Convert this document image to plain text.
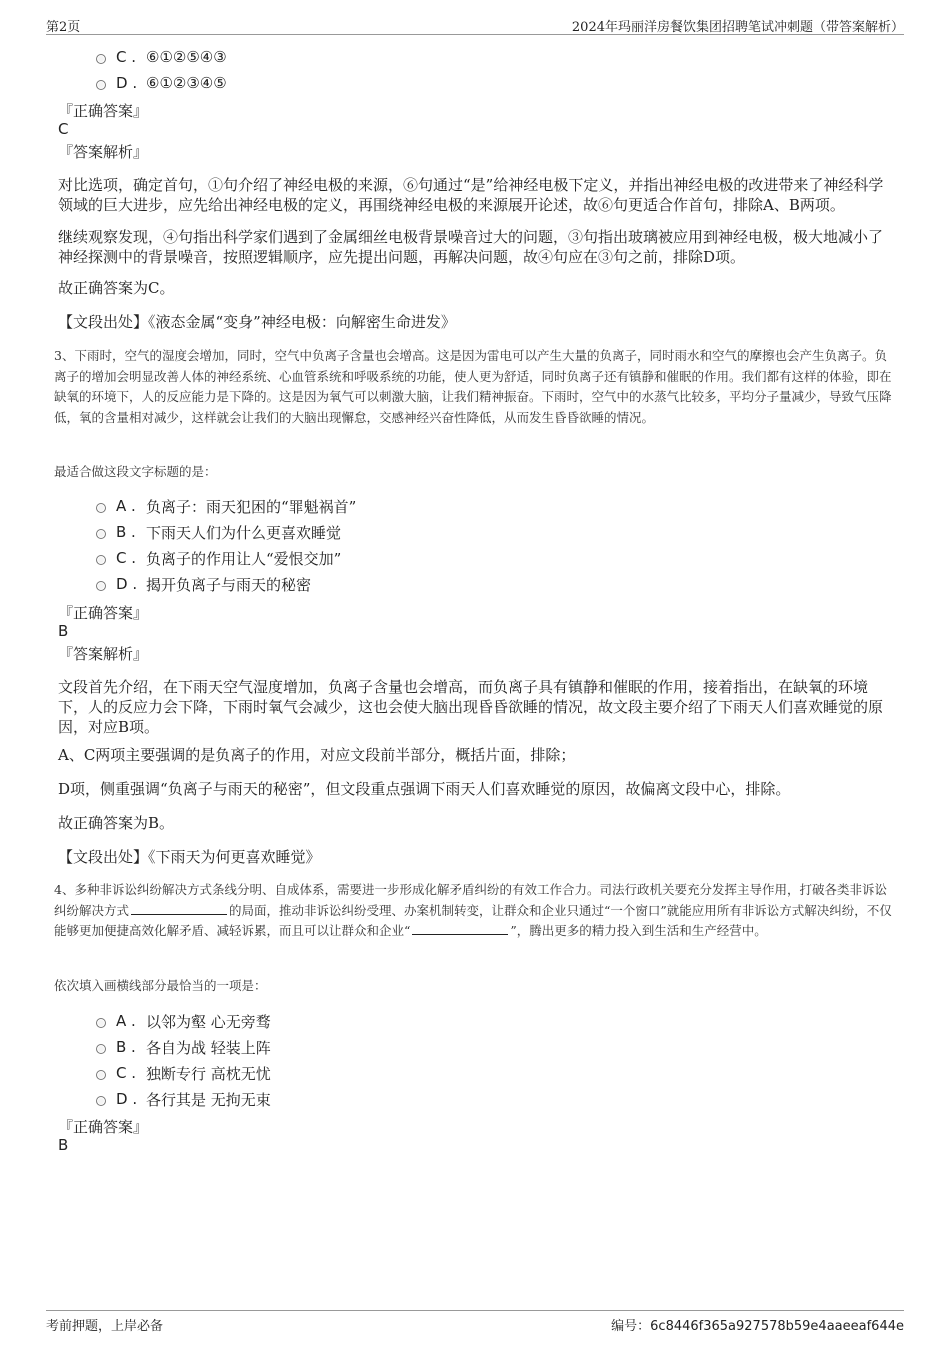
第2页	2024年玛丽洋房餐饮集团招聘笔试冲刺题（带答案解析）
C . ⑥①②⑤④③
D . ⑥①②③④⑤
『正确答案』
C
『答案解析』
对比选项，确定首句，①句介绍了神经电极的来源，⑥句通过“是”给神经电极下定义，并指出神经电极的改进带来了神经科学领域的巨大进步，应先给出神经电极的定义，再围绕神经电极的来源展开论述，故⑥句更适合作首句，排除A、B两项。
继续观察发现，④句指出科学家们遇到了金属细丝电极背景噪音过大的问题，③句指出玻璃被应用到神经电极，极大地减小了神经探测中的背景噪音，按照逻辑顺序，应先提出问题，再解决问题，故④句应在③句之前，排除D项。
故正确答案为C。
【文段出处】《液态金属“变身”神经电极：向解密生命进发》
3、下雨时，空气的湿度会增加，同时，空气中负离子含量也会增高。这是因为雷电可以产生大量的负离子，同时雨水和空气的摩擦也会产生负离子。负离子的增加会明显改善人体的神经系统、心血管系统和呼吸系统的功能，使人更为舒适，同时负离子还有镇静和催眠的作用。我们都有这样的体验，即在缺氧的环境下，人的反应能力是下降的。这是因为氧气可以刺激大脑，让我们精神振奋。下雨时，空气中的水蒸气比较多，平均分子量减少，导致气压降低，氧的含量相对减少，这样就会让我们的大脑出现懈怠，交感神经兴奋性降低，从而发生昏昏欲睡的情况。
最适合做这段文字标题的是：
A . 负离子：雨天犯困的“罪魁祸首”
B . 下雨天人们为什么更喜欢睡觉
C . 负离子的作用让人“爱恨交加”
D . 揭开负离子与雨天的秘密
『正确答案』
B
『答案解析』
文段首先介绍，在下雨天空气湿度增加，负离子含量也会增高，而负离子具有镇静和催眠的作用，接着指出，在缺氧的环境下，人的反应力会下降，下雨时氧气会减少，这也会使大脑出现昏昏欲睡的情况，故文段主要介绍了下雨天人们喜欢睡觉的原因，对应B项。
A、C两项主要强调的是负离子的作用，对应文段前半部分，概括片面，排除；
D项，侧重强调“负离子与雨天的秘密”，但文段重点强调下雨天人们喜欢睡觉的原因，故偏离文段中心，排除。
故正确答案为B。
【文段出处】《下雨天为何更喜欢睡觉》
4、多种非诉讼纠纷解决方式条线分明、自成体系，需要进一步形成化解矛盾纠纷的有效工作合力。司法行政机关要充分发挥主导作用，打破各类非诉讼纠纷解决方式	的局面，推动非诉讼纠纷受理、办案机制转变，让群众和企业只通过“一个窗口”就能应用所有非诉讼方式解决纠纷，不仅能够更加便捷高效化解矛盾、减轻诉累，而且可以让群众和企业“	”，腾出更多的精力投入到生活和生产经营中。
依次填入画横线部分最恰当的一项是：
A . 以邻为壑 心无旁骛
B . 各自为战 轻装上阵
C . 独断专行 高枕无忧
D . 各行其是 无拘无束
『正确答案』
B
考前押题，上岸必备	编号：6c8446f365a927578b59e4aaeeaf644e
